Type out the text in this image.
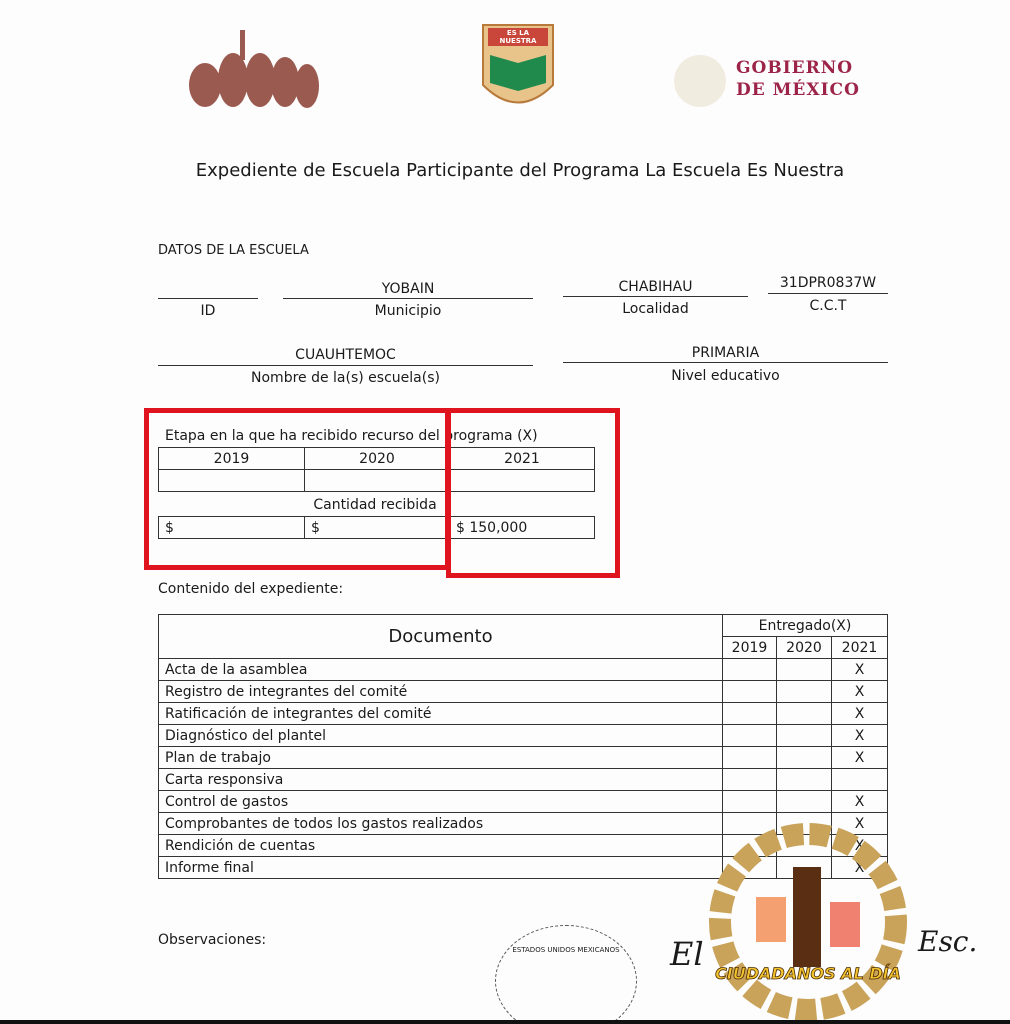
ES LA NUESTRA
GOBIERNO DE MÉXICO
Expediente de Escuela Participante del Programa La Escuela Es Nuestra
DATOS DE LA ESCUELA
ID
YOBAIN
Municipio
CHABIHAU
Localidad
31DPR0837W
C.C.T
CUAUHTEMOC
Nombre de la(s) escuela(s)
PRIMARIA
Nivel educativo
Etapa en la que ha recibido recurso del programa (X)
2019	2020	2021

Cantidad recibida
$	$	$ 150,000
Contenido del expediente:
Documento	Entregado(X)		
	2019	2020	2021
Acta de la asamblea			X
Registro de integrantes del comité			X
Ratificación de integrantes del comité			X
Diagnóstico del plantel			X
Plan de trabajo			X
Carta responsiva			
Control de gastos			X
Comprobantes de todos los gastos realizados			X
Rendición de cuentas			X
Informe final			X
Observaciones:
ESTADOS UNIDOS MEXICANOS	El	Esc.
CIUDADANOS AL DÍA
